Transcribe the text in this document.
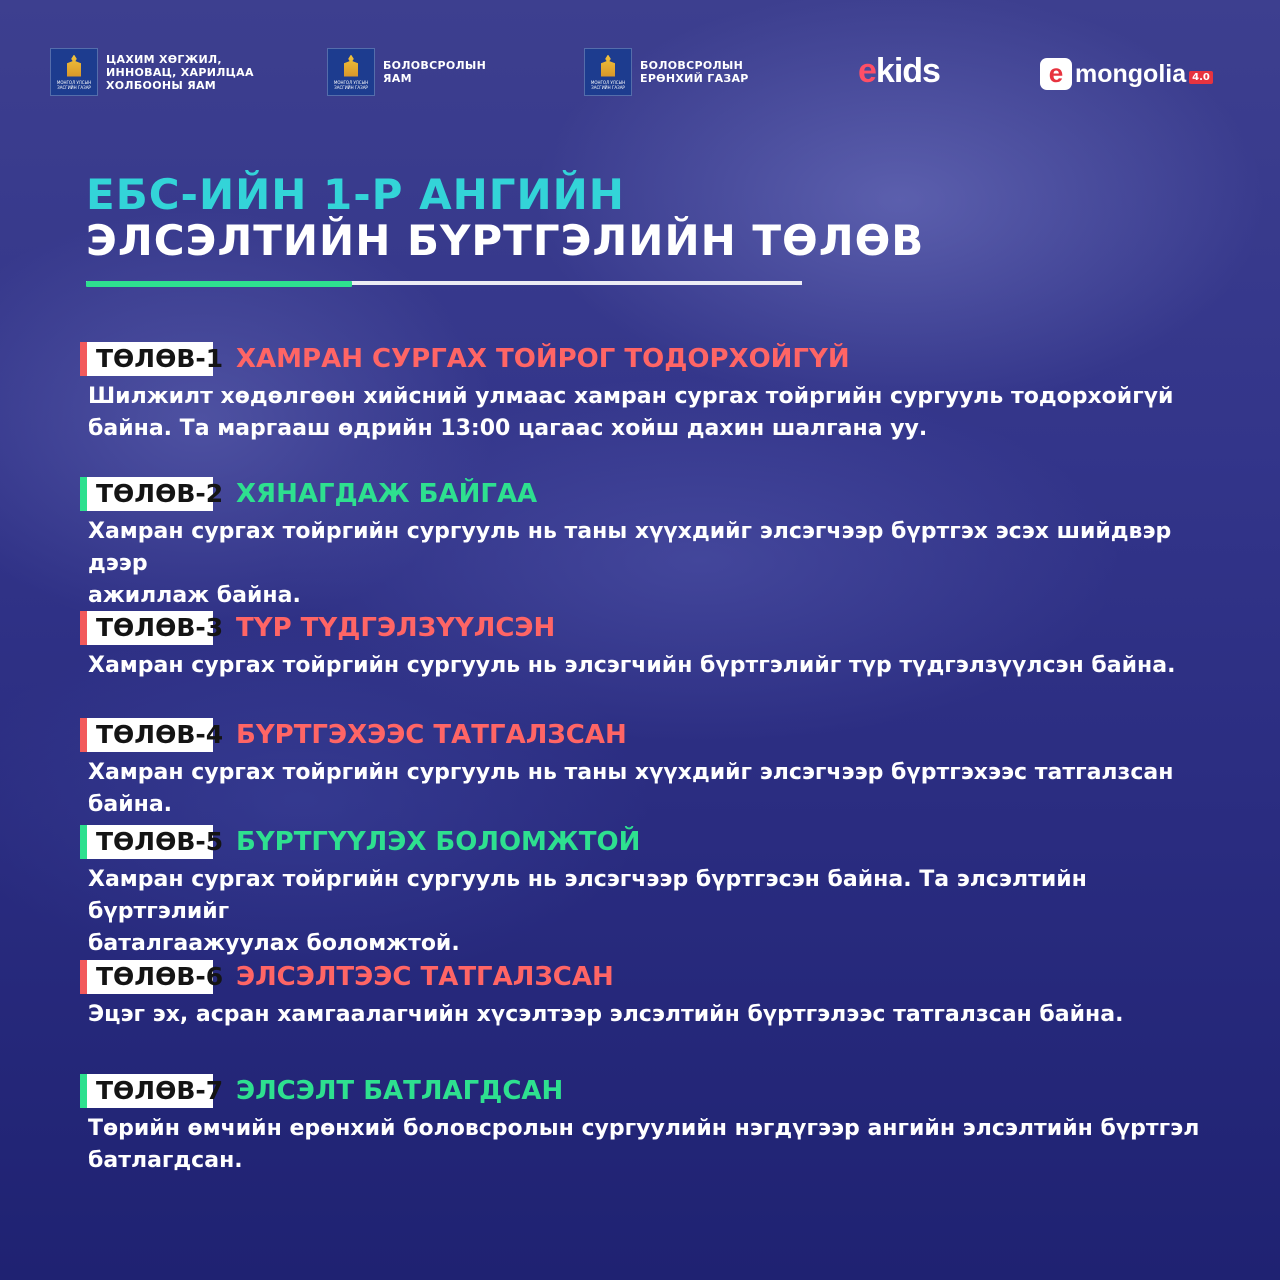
МОНГОЛ УЛСЫН ЗАСГИЙН ГАЗАР
ЦАХИМ ХӨГЖИЛ,
ИННОВАЦ, ХАРИЛЦАА
ХОЛБООНЫ ЯАМ	МОНГОЛ УЛСЫН ЗАСГИЙН ГАЗАР
БОЛОВСРОЛЫН
ЯАМ	МОНГОЛ УЛСЫН ЗАСГИЙН ГАЗАР
БОЛОВСРОЛЫН
ЕРӨНХИЙ ГАЗАР	ekids	e mongolia 4.0
ЕБС-ИЙН 1-Р АНГИЙН
ЭЛСЭЛТИЙН БҮРТГЭЛИЙН ТӨЛӨВ
ТӨЛӨВ-1 ХАМРАН СУРГАХ ТОЙРОГ ТОДОРХОЙГҮЙ
Шилжилт хөдөлгөөн хийсний улмаас хамран сургах тойргийн сургууль тодорхойгүй
байна. Та маргааш өдрийн 13:00 цагаас хойш дахин шалгана уу.
ТӨЛӨВ-2 ХЯНАГДАЖ БАЙГАА
Хамран сургах тойргийн сургууль нь таны хүүхдийг элсэгчээр бүртгэх эсэх шийдвэр дээр
ажиллаж байна.
ТӨЛӨВ-3 ТҮР ТҮДГЭЛЗҮҮЛСЭН
Хамран сургах тойргийн сургууль нь элсэгчийн бүртгэлийг түр түдгэлзүүлсэн байна.
ТӨЛӨВ-4 БҮРТГЭХЭЭС ТАТГАЛЗСАН
Хамран сургах тойргийн сургууль нь таны хүүхдийг элсэгчээр бүртгэхээс татгалзсан байна.
ТӨЛӨВ-5 БҮРТГҮҮЛЭХ БОЛОМЖТОЙ
Хамран сургах тойргийн сургууль нь элсэгчээр бүртгэсэн байна. Та элсэлтийн бүртгэлийг
баталгаажуулах боломжтой.
ТӨЛӨВ-6 ЭЛСЭЛТЭЭС ТАТГАЛЗСАН
Эцэг эх, асран хамгаалагчийн хүсэлтээр элсэлтийн бүртгэлээс татгалзсан байна.
ТӨЛӨВ-7 ЭЛСЭЛТ БАТЛАГДСАН
Төрийн өмчийн ерөнхий боловсролын сургуулийн нэгдүгээр ангийн элсэлтийн бүртгэл
батлагдсан.
